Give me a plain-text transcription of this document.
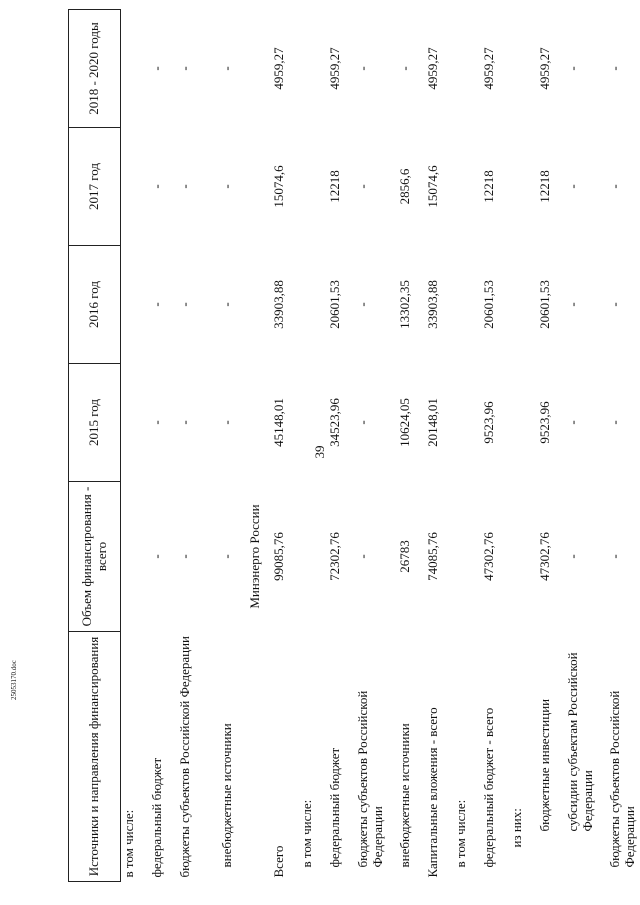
39
25053170.doc	Источники и направления финансирования	Объем финансирования - всего	2015 год	2016 год	2017 год	2018 - 2020 годы
в том числе:					
федеральный бюджет	-	-	-	-	-
бюджеты субъектов Российской Федерации	-	-	-	-	-
внебюджетные источники	-	-	-	-	-
	Минэнерго России				
Всего	99085,76	45148,01	33903,88	15074,6	4959,27
в том числе:					
федеральный бюджет	72302,76	34523,96	20601,53	12218	4959,27
бюджеты субъектов Российской Федерации	-	-	-	-	-
внебюджетные источники	26783	10624,05	13302,35	2856,6	-
Капитальные вложения - всего	74085,76	20148,01	33903,88	15074,6	4959,27
в том числе:					
федеральный бюджет - всего	47302,76	9523,96	20601,53	12218	4959,27
из них:					
бюджетные инвестиции	47302,76	9523,96	20601,53	12218	4959,27
субсидии субъектам Российской Федерации	-	-	-	-	-
бюджеты субъектов Российской Федерации	-	-	-	-	-
